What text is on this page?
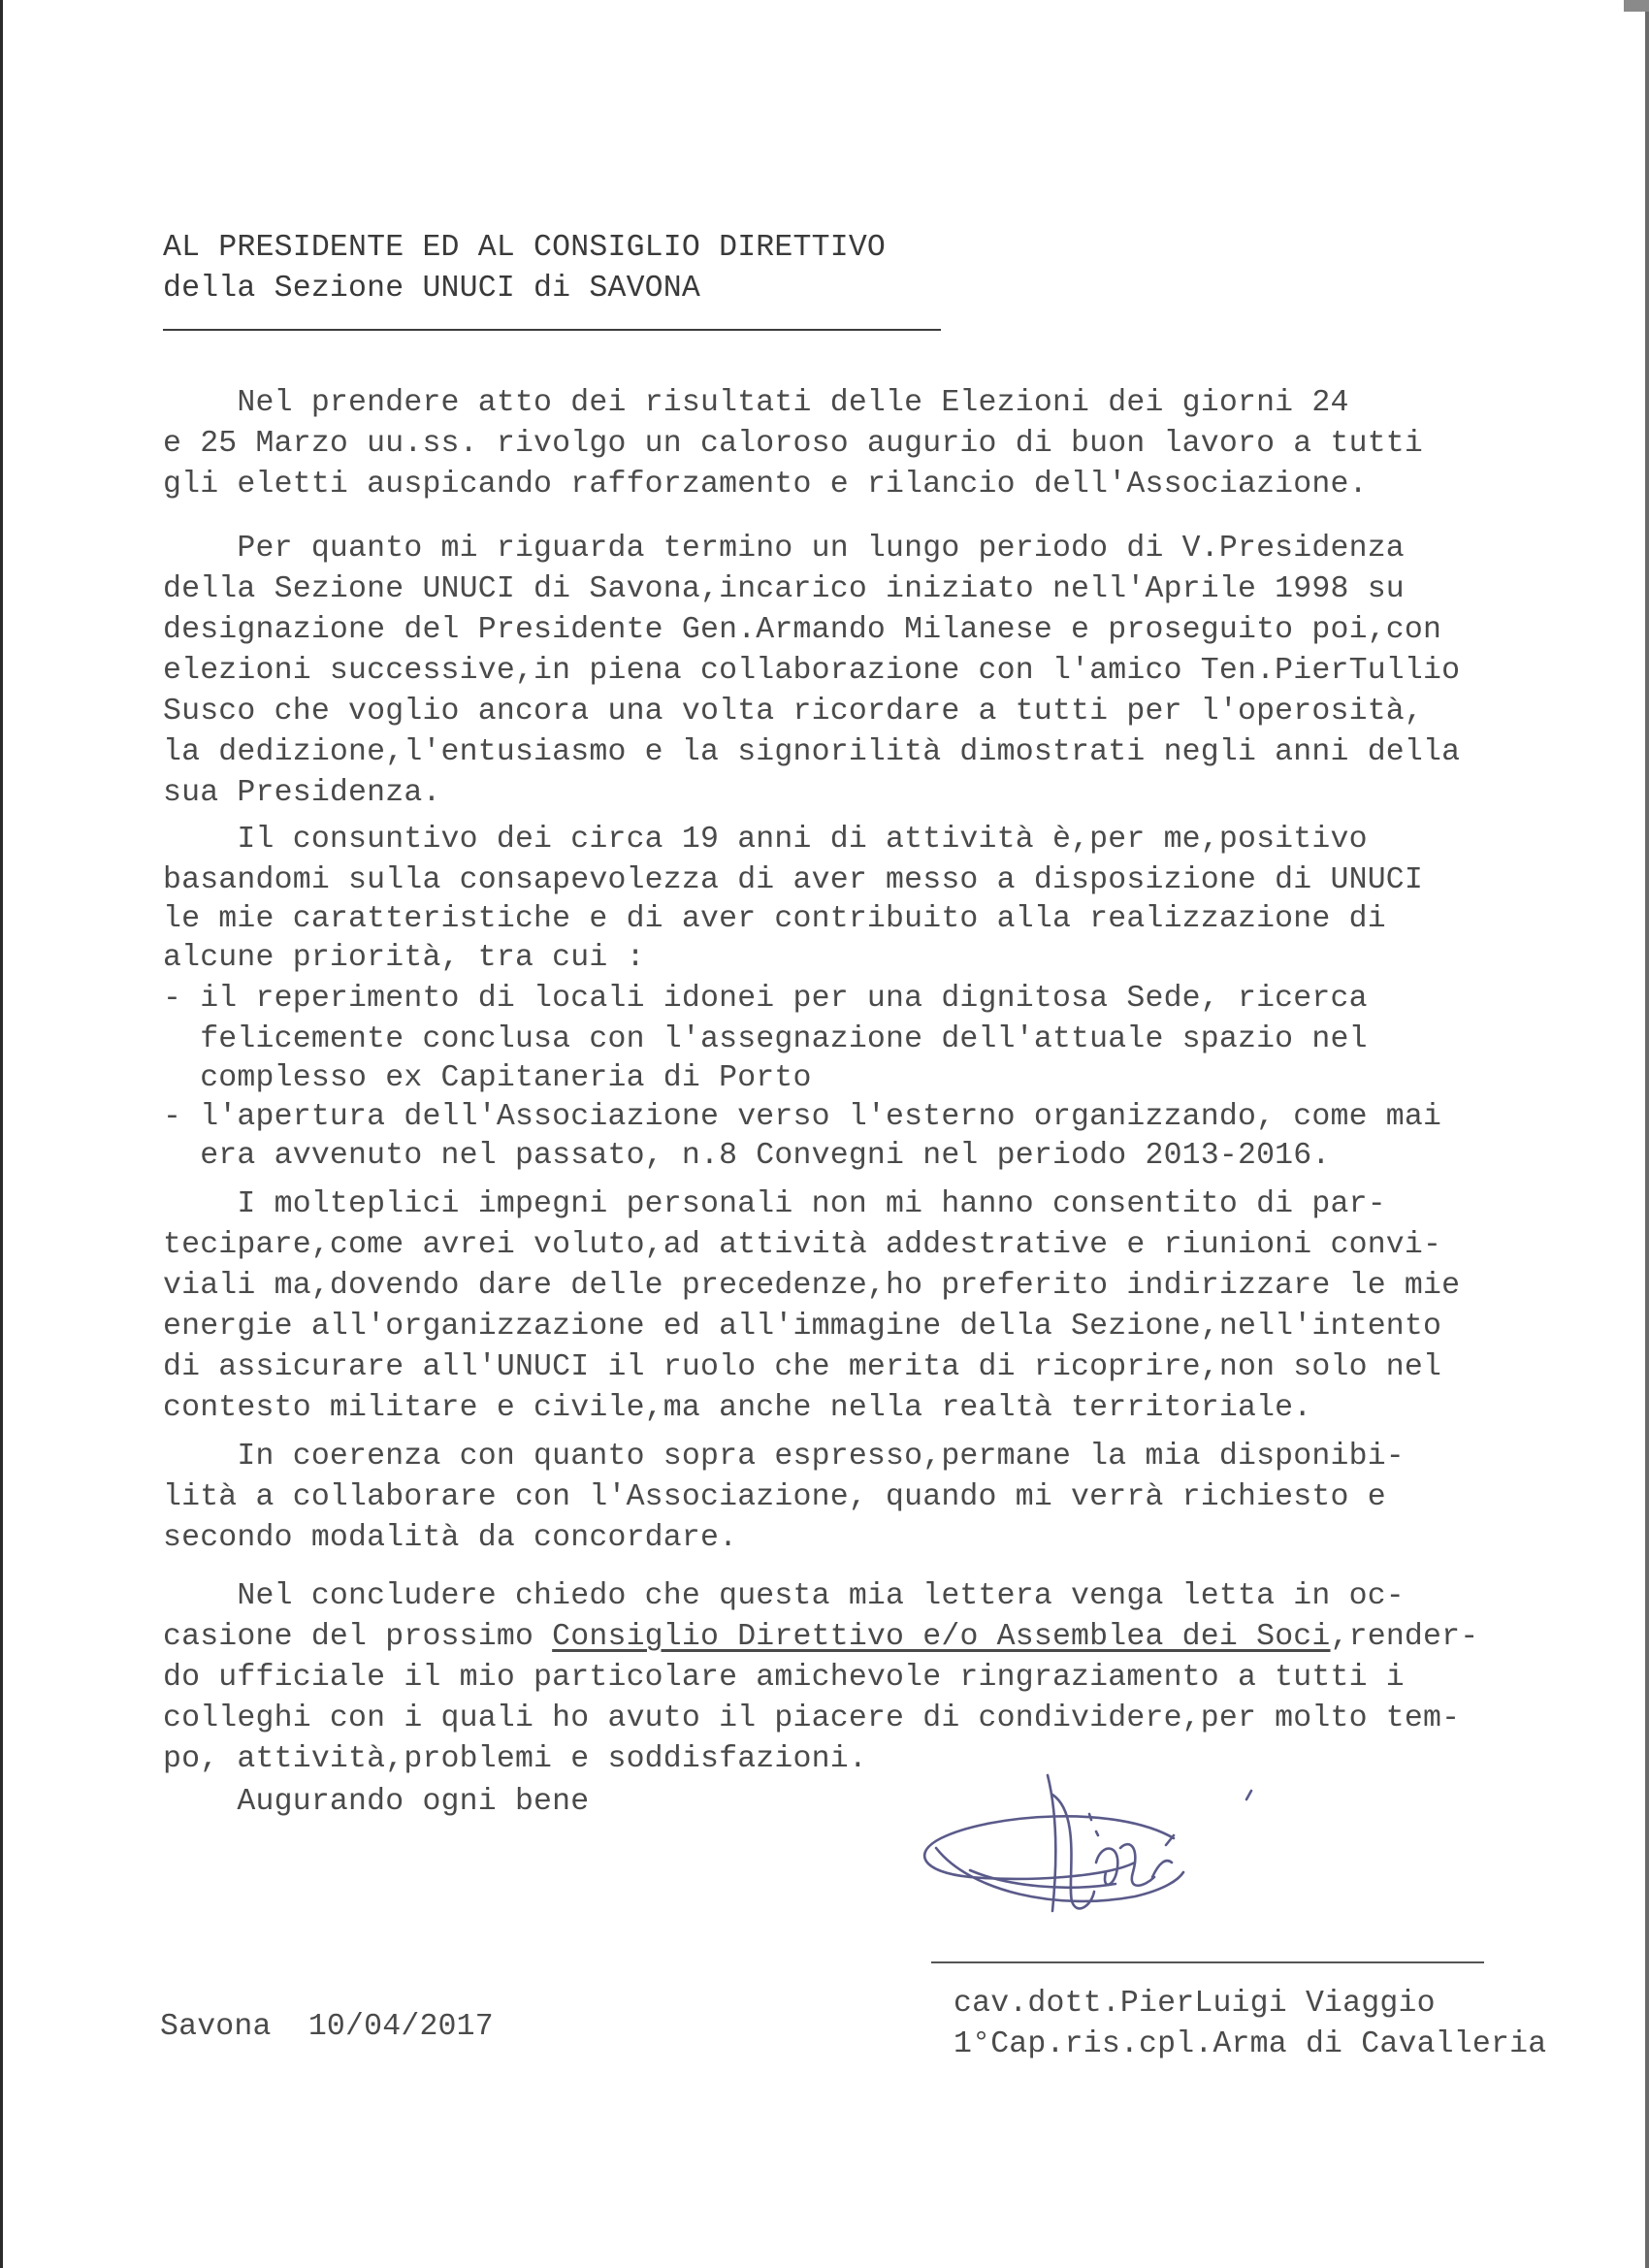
AL PRESIDENTE ED AL CONSIGLIO DIRETTIVO
della Sezione UNUCI di SAVONA
Nel prendere atto dei risultati delle Elezioni dei giorni 24
e 25 Marzo uu.ss. rivolgo un caloroso augurio di buon lavoro a tutti
gli eletti auspicando rafforzamento e rilancio dell'Associazione.
Per quanto mi riguarda termino un lungo periodo di V.Presidenza
della Sezione UNUCI di Savona,incarico iniziato nell'Aprile 1998 su
designazione del Presidente Gen.Armando Milanese e proseguito poi,con
elezioni successive,in piena collaborazione con l'amico Ten.PierTullio
Susco che voglio ancora una volta ricordare a tutti per l'operosità,
la dedizione,l'entusiasmo e la signorilità dimostrati negli anni della
sua Presidenza.
Il consuntivo dei circa 19 anni di attività è,per me,positivo
basandomi sulla consapevolezza di aver messo a disposizione di UNUCI
le mie caratteristiche e di aver contribuito alla realizzazione di
alcune priorità, tra cui :
- il reperimento di locali idonei per una dignitosa Sede, ricerca
felicemente conclusa con l'assegnazione dell'attuale spazio nel
complesso ex Capitaneria di Porto
- l'apertura dell'Associazione verso l'esterno organizzando, come mai
era avvenuto nel passato, n.8 Convegni nel periodo 2013-2016.
I molteplici impegni personali non mi hanno consentito di par-
tecipare,come avrei voluto,ad attività addestrative e riunioni convi-
viali ma,dovendo dare delle precedenze,ho preferito indirizzare le mie
energie all'organizzazione ed all'immagine della Sezione,nell'intento
di assicurare all'UNUCI il ruolo che merita di ricoprire,non solo nel
contesto militare e civile,ma anche nella realtà territoriale.
In coerenza con quanto sopra espresso,permane la mia disponibi-
lità a collaborare con l'Associazione, quando mi verrà richiesto e
secondo modalità da concordare.
Nel concludere chiedo che questa mia lettera venga letta in oc-
casione del prossimo Consiglio Direttivo e/o Assemblea dei Soci,render-
do ufficiale il mio particolare amichevole ringraziamento a tutti i
colleghi con i quali ho avuto il piacere di condividere,per molto tem-
po, attività,problemi e soddisfazioni.
Augurando ogni bene
cav.dott.PierLuigi Viaggio
1°Cap.ris.cpl.Arma di Cavalleria
Savona  10/04/2017
